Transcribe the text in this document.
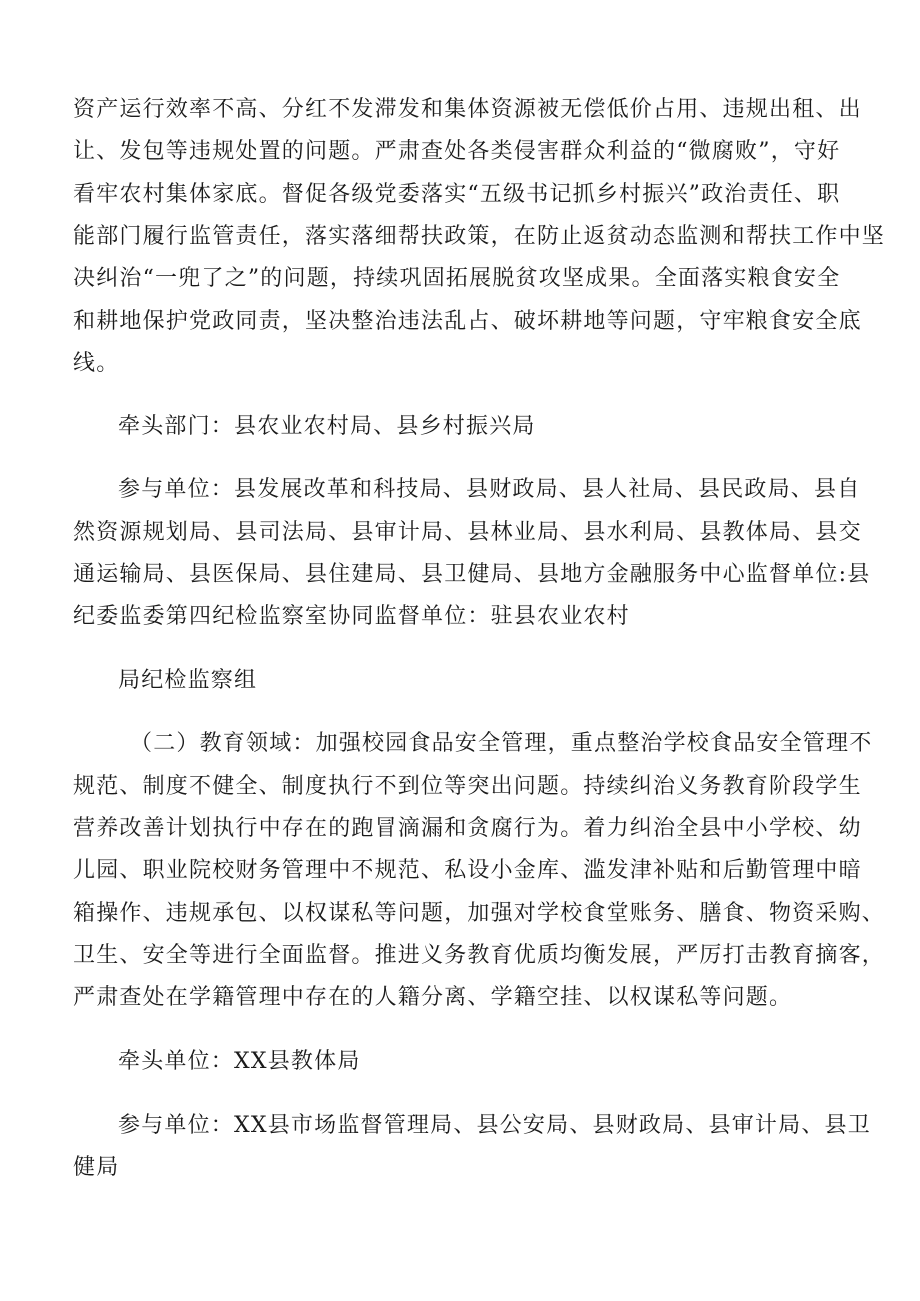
资产运行效率不高、分红不发滞发和集体资源被无偿低价占用、违规出租、出
让、发包等违规处置的问题。严肃查处各类侵害群众利益的“微腐败”，守好
看牢农村集体家底。督促各级党委落实“五级书记抓乡村振兴”政治责任、职
能部门履行监管责任，落实落细帮扶政策，在防止返贫动态监测和帮扶工作中坚
决纠治“一兜了之”的问题，持续巩固拓展脱贫攻坚成果。全面落实粮食安全
和耕地保护党政同责，坚决整治违法乱占、破坏耕地等问题，守牢粮食安全底
线。
牵头部门：县农业农村局、县乡村振兴局
参与单位：县发展改革和科技局、县财政局、县人社局、县民政局、县自
然资源规划局、县司法局、县审计局、县林业局、县水利局、县教体局、县交
通运输局、县医保局、县住建局、县卫健局、县地方金融服务中心监督单位:县
纪委监委第四纪检监察室协同监督单位：驻县农业农村
局纪检监察组
（二）教育领域：加强校园食品安全管理，重点整治学校食品安全管理不
规范、制度不健全、制度执行不到位等突出问题。持续纠治义务教育阶段学生
营养改善计划执行中存在的跑冒滴漏和贪腐行为。着力纠治全县中小学校、幼
儿园、职业院校财务管理中不规范、私设小金库、滥发津补贴和后勤管理中暗
箱操作、违规承包、以权谋私等问题，加强对学校食堂账务、膳食、物资采购、
卫生、安全等进行全面监督。推进义务教育优质均衡发展，严厉打击教育摘客，
严肃查处在学籍管理中存在的人籍分离、学籍空挂、以权谋私等问题。
牵头单位：XX县教体局
参与单位：XX县市场监督管理局、县公安局、县财政局、县审计局、县卫
健局
